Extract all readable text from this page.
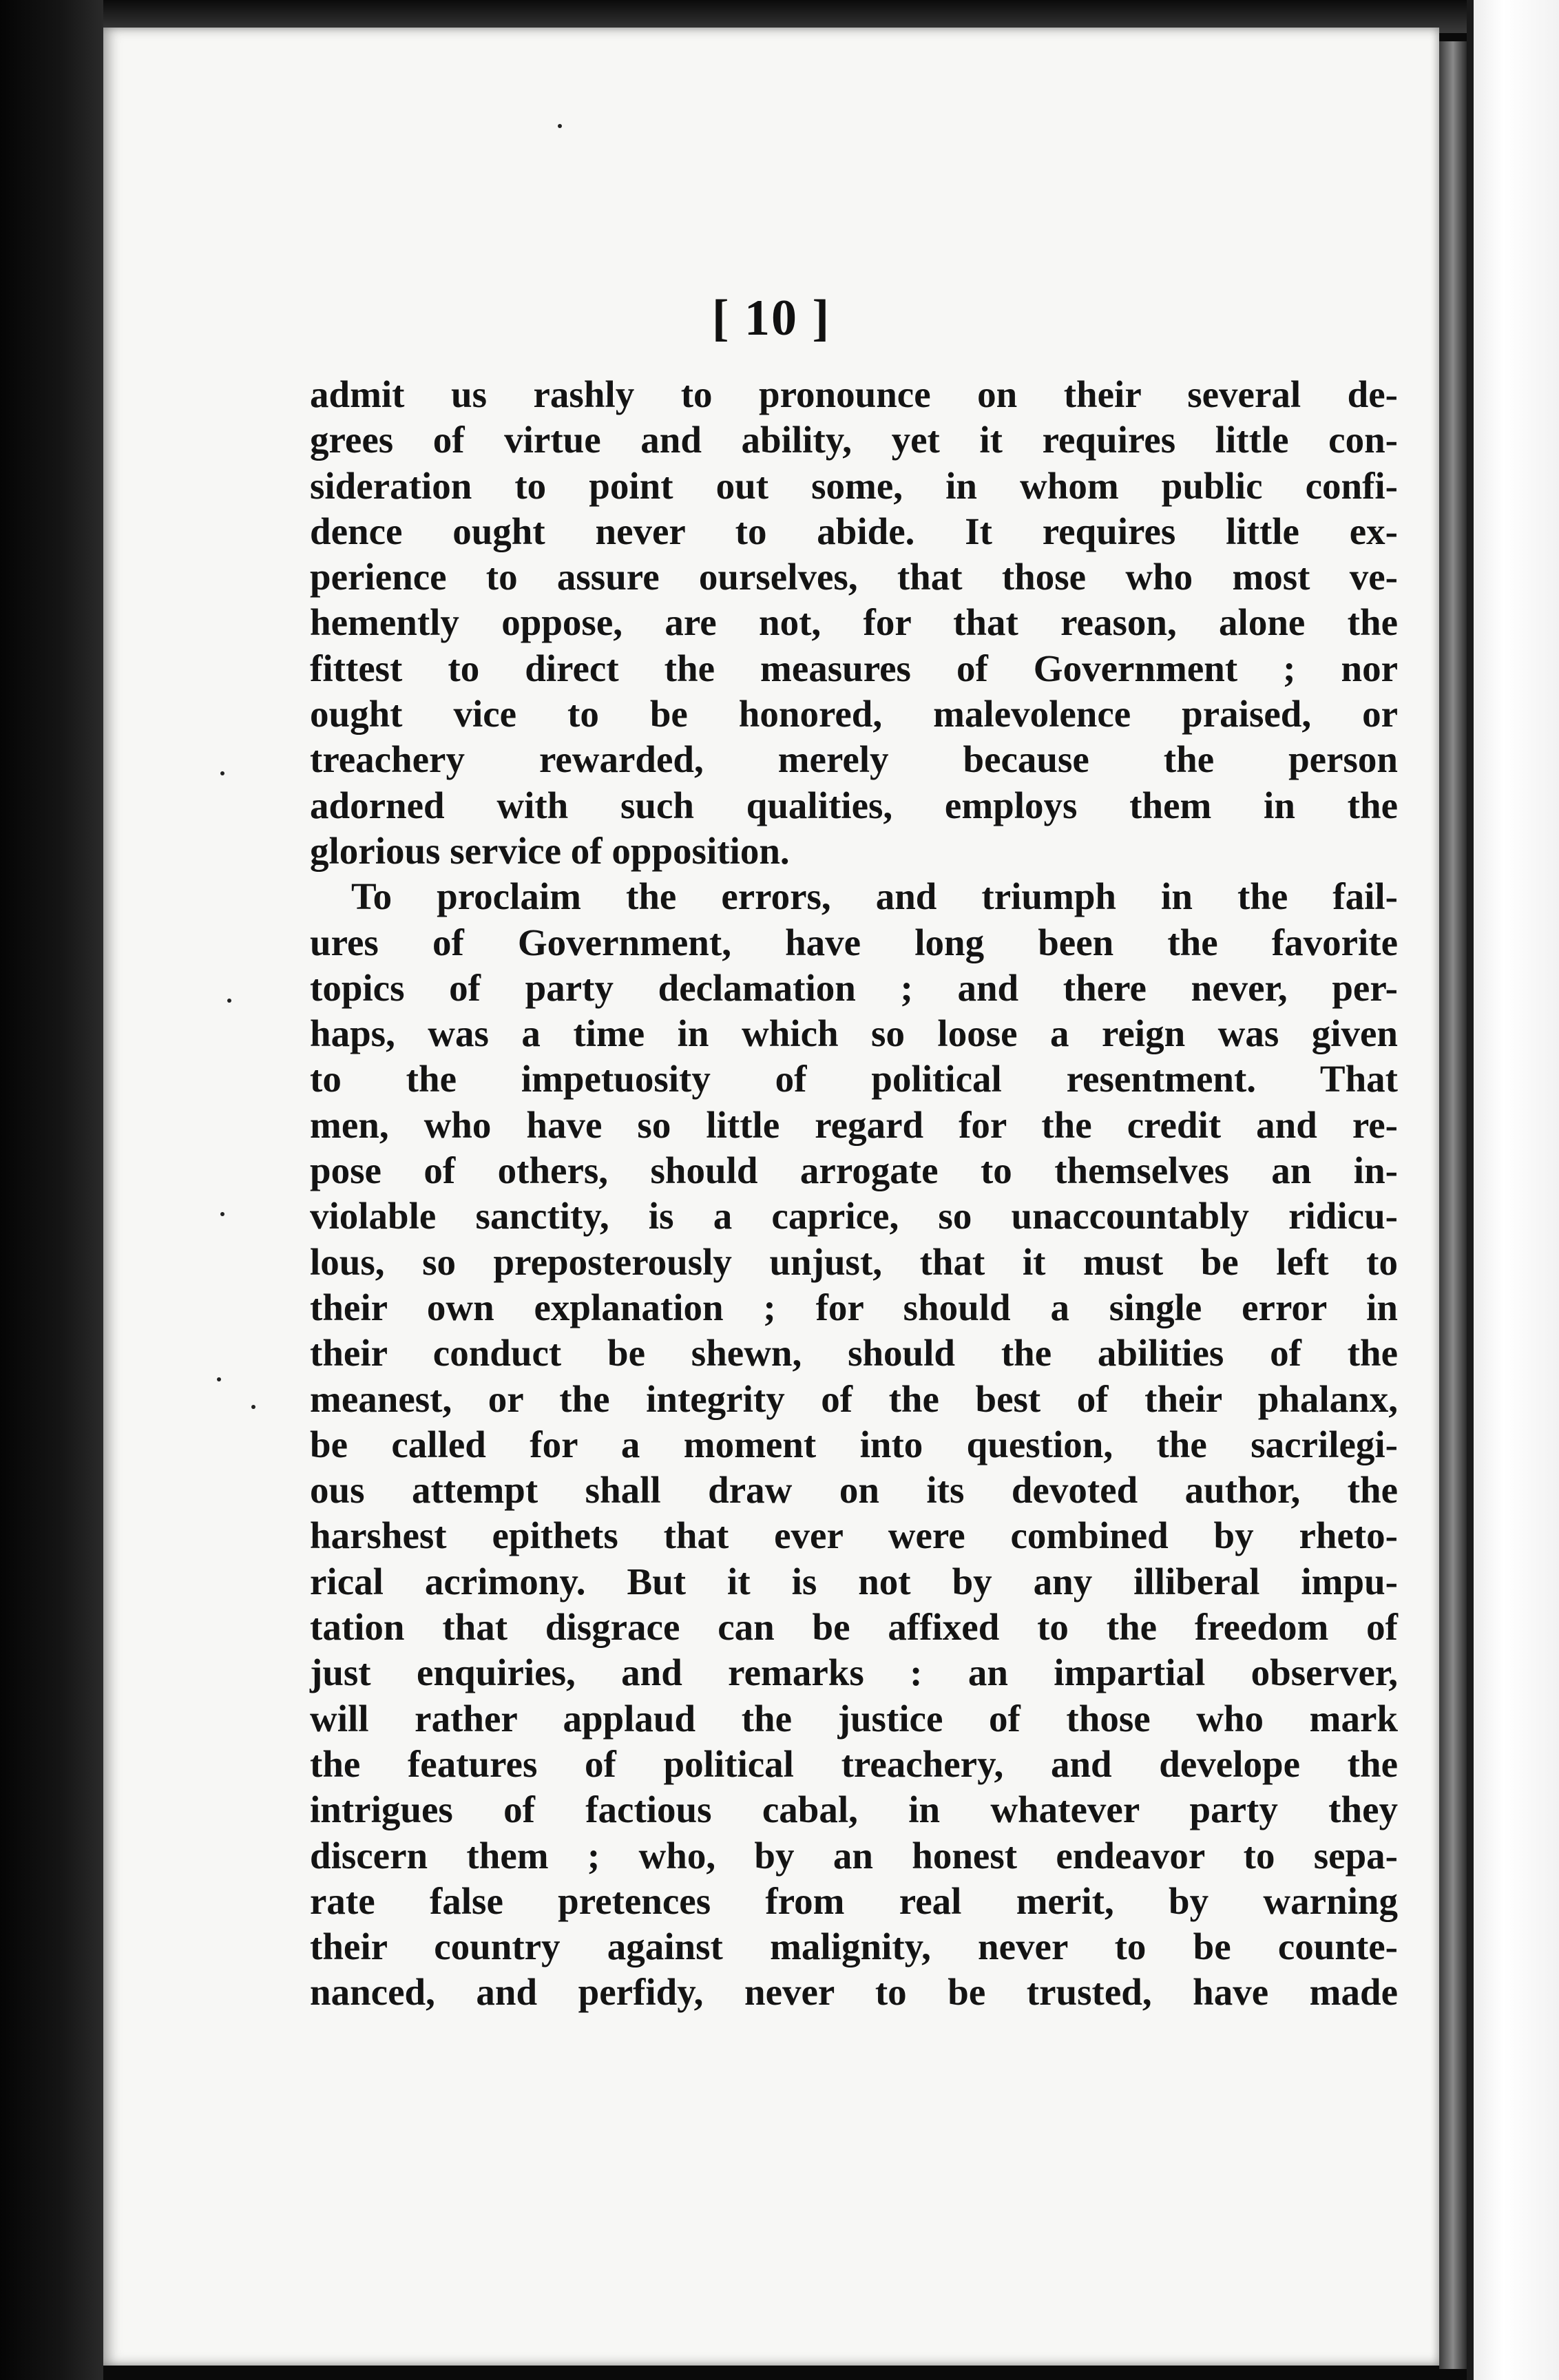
[ 10 ]
admit us rashly to pronounce on their several de-
grees of virtue and ability, yet it requires little con-
sideration to point out some, in whom public confi-
dence ought never to abide. It requires little ex-
perience to assure ourselves, that those who most ve-
hemently oppose, are not, for that reason, alone the
fittest to direct the measures of Government ; nor
ought vice to be honored, malevolence praised, or
treachery rewarded, merely because the person
adorned with such qualities, employs them in the
glorious service of opposition.
To proclaim the errors, and triumph in the fail-
ures of Government, have long been the favorite
topics of party declamation ; and there never, per-
haps, was a time in which so loose a reign was given
to the impetuosity of political resentment. That
men, who have so little regard for the credit and re-
pose of others, should arrogate to themselves an in-
violable sanctity, is a caprice, so unaccountably ridicu-
lous, so preposterously unjust, that it must be left to
their own explanation ; for should a single error in
their conduct be shewn, should the abilities of the
meanest, or the integrity of the best of their phalanx,
be called for a moment into question, the sacrilegi-
ous attempt shall draw on its devoted author, the
harshest epithets that ever were combined by rheto-
rical acrimony. But it is not by any illiberal impu-
tation that disgrace can be affixed to the freedom of
just enquiries, and remarks : an impartial observer,
will rather applaud the justice of those who mark
the features of political treachery, and develope the
intrigues of factious cabal, in whatever party they
discern them ; who, by an honest endeavor to sepa-
rate false pretences from real merit, by warning
their country against malignity, never to be counte-
nanced, and perfidy, never to be trusted, have made
